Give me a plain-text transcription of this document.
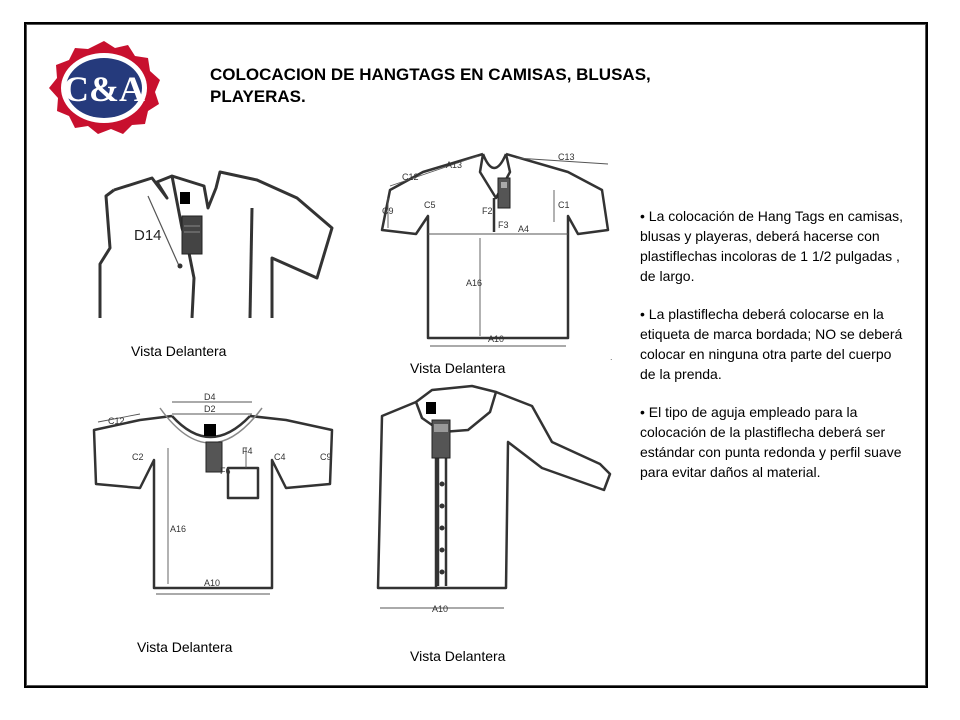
C&A	COLOCACION DE HANGTAGS EN CAMISAS, BLUSAS, PLAYERAS.
D14
Vista Delantera
A13
C13
C12
C9
C5
F2
F3 A4
C1
A16
A10
Vista Delantera
.
D4
D2
C12
F4
C2	C4	C9
F6
A16
A10
Vista Delantera
A10
Vista Delantera

• La colocación de Hang Tags en camisas, blusas y playeras, deberá hacerse con plastiflechas incoloras de 1 1/2 pulgadas , de largo.

• La plastiflecha deberá colocarse en la etiqueta de marca bordada; NO se deberá colocar en ninguna otra parte del cuerpo de la prenda.

• El tipo de aguja empleado para la colocación de la plastiflecha deberá ser estándar con punta redonda y perfil suave para evitar daños al material.
